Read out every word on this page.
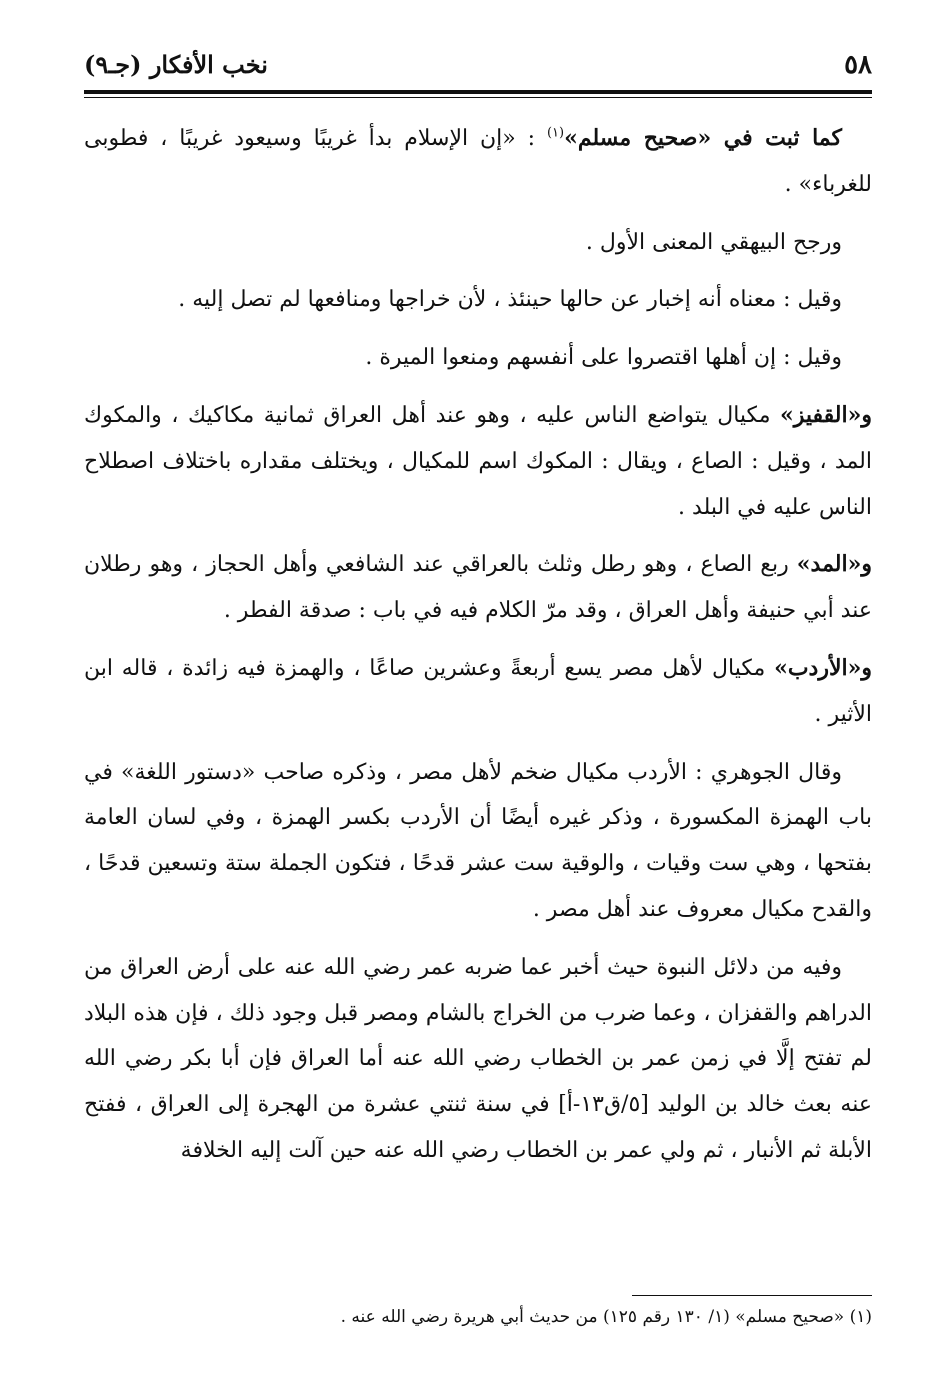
٥٨
نخب الأفكار (جـ٩)

كما ثبت في «صحيح مسلم»$^{(١)}$ : «إن الإسلام بدأ غريبًا وسيعود غريبًا ، فطوبى للغرباء» .

ورجح البيهقي المعنى الأول .

وقيل : معناه أنه إخبار عن حالها حينئذ ، لأن خراجها ومنافعها لم تصل إليه .

وقيل : إن أهلها اقتصروا على أنفسهم ومنعوا الميرة .

و«القفيز» مكيال يتواضع الناس عليه ، وهو عند أهل العراق ثمانية مكاكيك ، والمكوك المد ، وقيل : الصاع ، ويقال : المكوك اسم للمكيال ، ويختلف مقداره باختلاف اصطلاح الناس عليه في البلد .

و«المد» ربع الصاع ، وهو رطل وثلث بالعراقي عند الشافعي وأهل الحجاز ، وهو رطلان عند أبي حنيفة وأهل العراق ، وقد مرّ الكلام فيه في باب : صدقة الفطر .

و«الأردب» مكيال لأهل مصر يسع أربعةً وعشرين صاعًا ، والهمزة فيه زائدة ، قاله ابن الأثير .

وقال الجوهري : الأردب مكيال ضخم لأهل مصر ، وذكره صاحب «دستور اللغة» في باب الهمزة المكسورة ، وذكر غيره أيضًا أن الأردب بكسر الهمزة ، وفي لسان العامة بفتحها ، وهي ست وقيات ، والوقية ست عشر قدحًا ، فتكون الجملة ستة وتسعين قدحًا ، والقدح مكيال معروف عند أهل مصر .

وفيه من دلائل النبوة حيث أخبر عما ضربه عمر رضي الله عنه على أرض العراق من الدراهم والقفزان ، وعما ضرب من الخراج بالشام ومصر قبل وجود ذلك ، فإن هذه البلاد لم تفتح إلَّا في زمن عمر بن الخطاب رضي الله عنه أما العراق فإن أبا بكر رضي الله عنه بعث خالد بن الوليد [٥/ق١٣-أ] في سنة ثنتي عشرة من الهجرة إلى العراق ، ففتح الأبلة ثم الأنبار ، ثم ولي عمر بن الخطاب رضي الله عنه حين آلت إليه الخلافة

(١) «صحيح مسلم» (١/ ١٣٠ رقم ١٢٥) من حديث أبي هريرة رضي الله عنه .
